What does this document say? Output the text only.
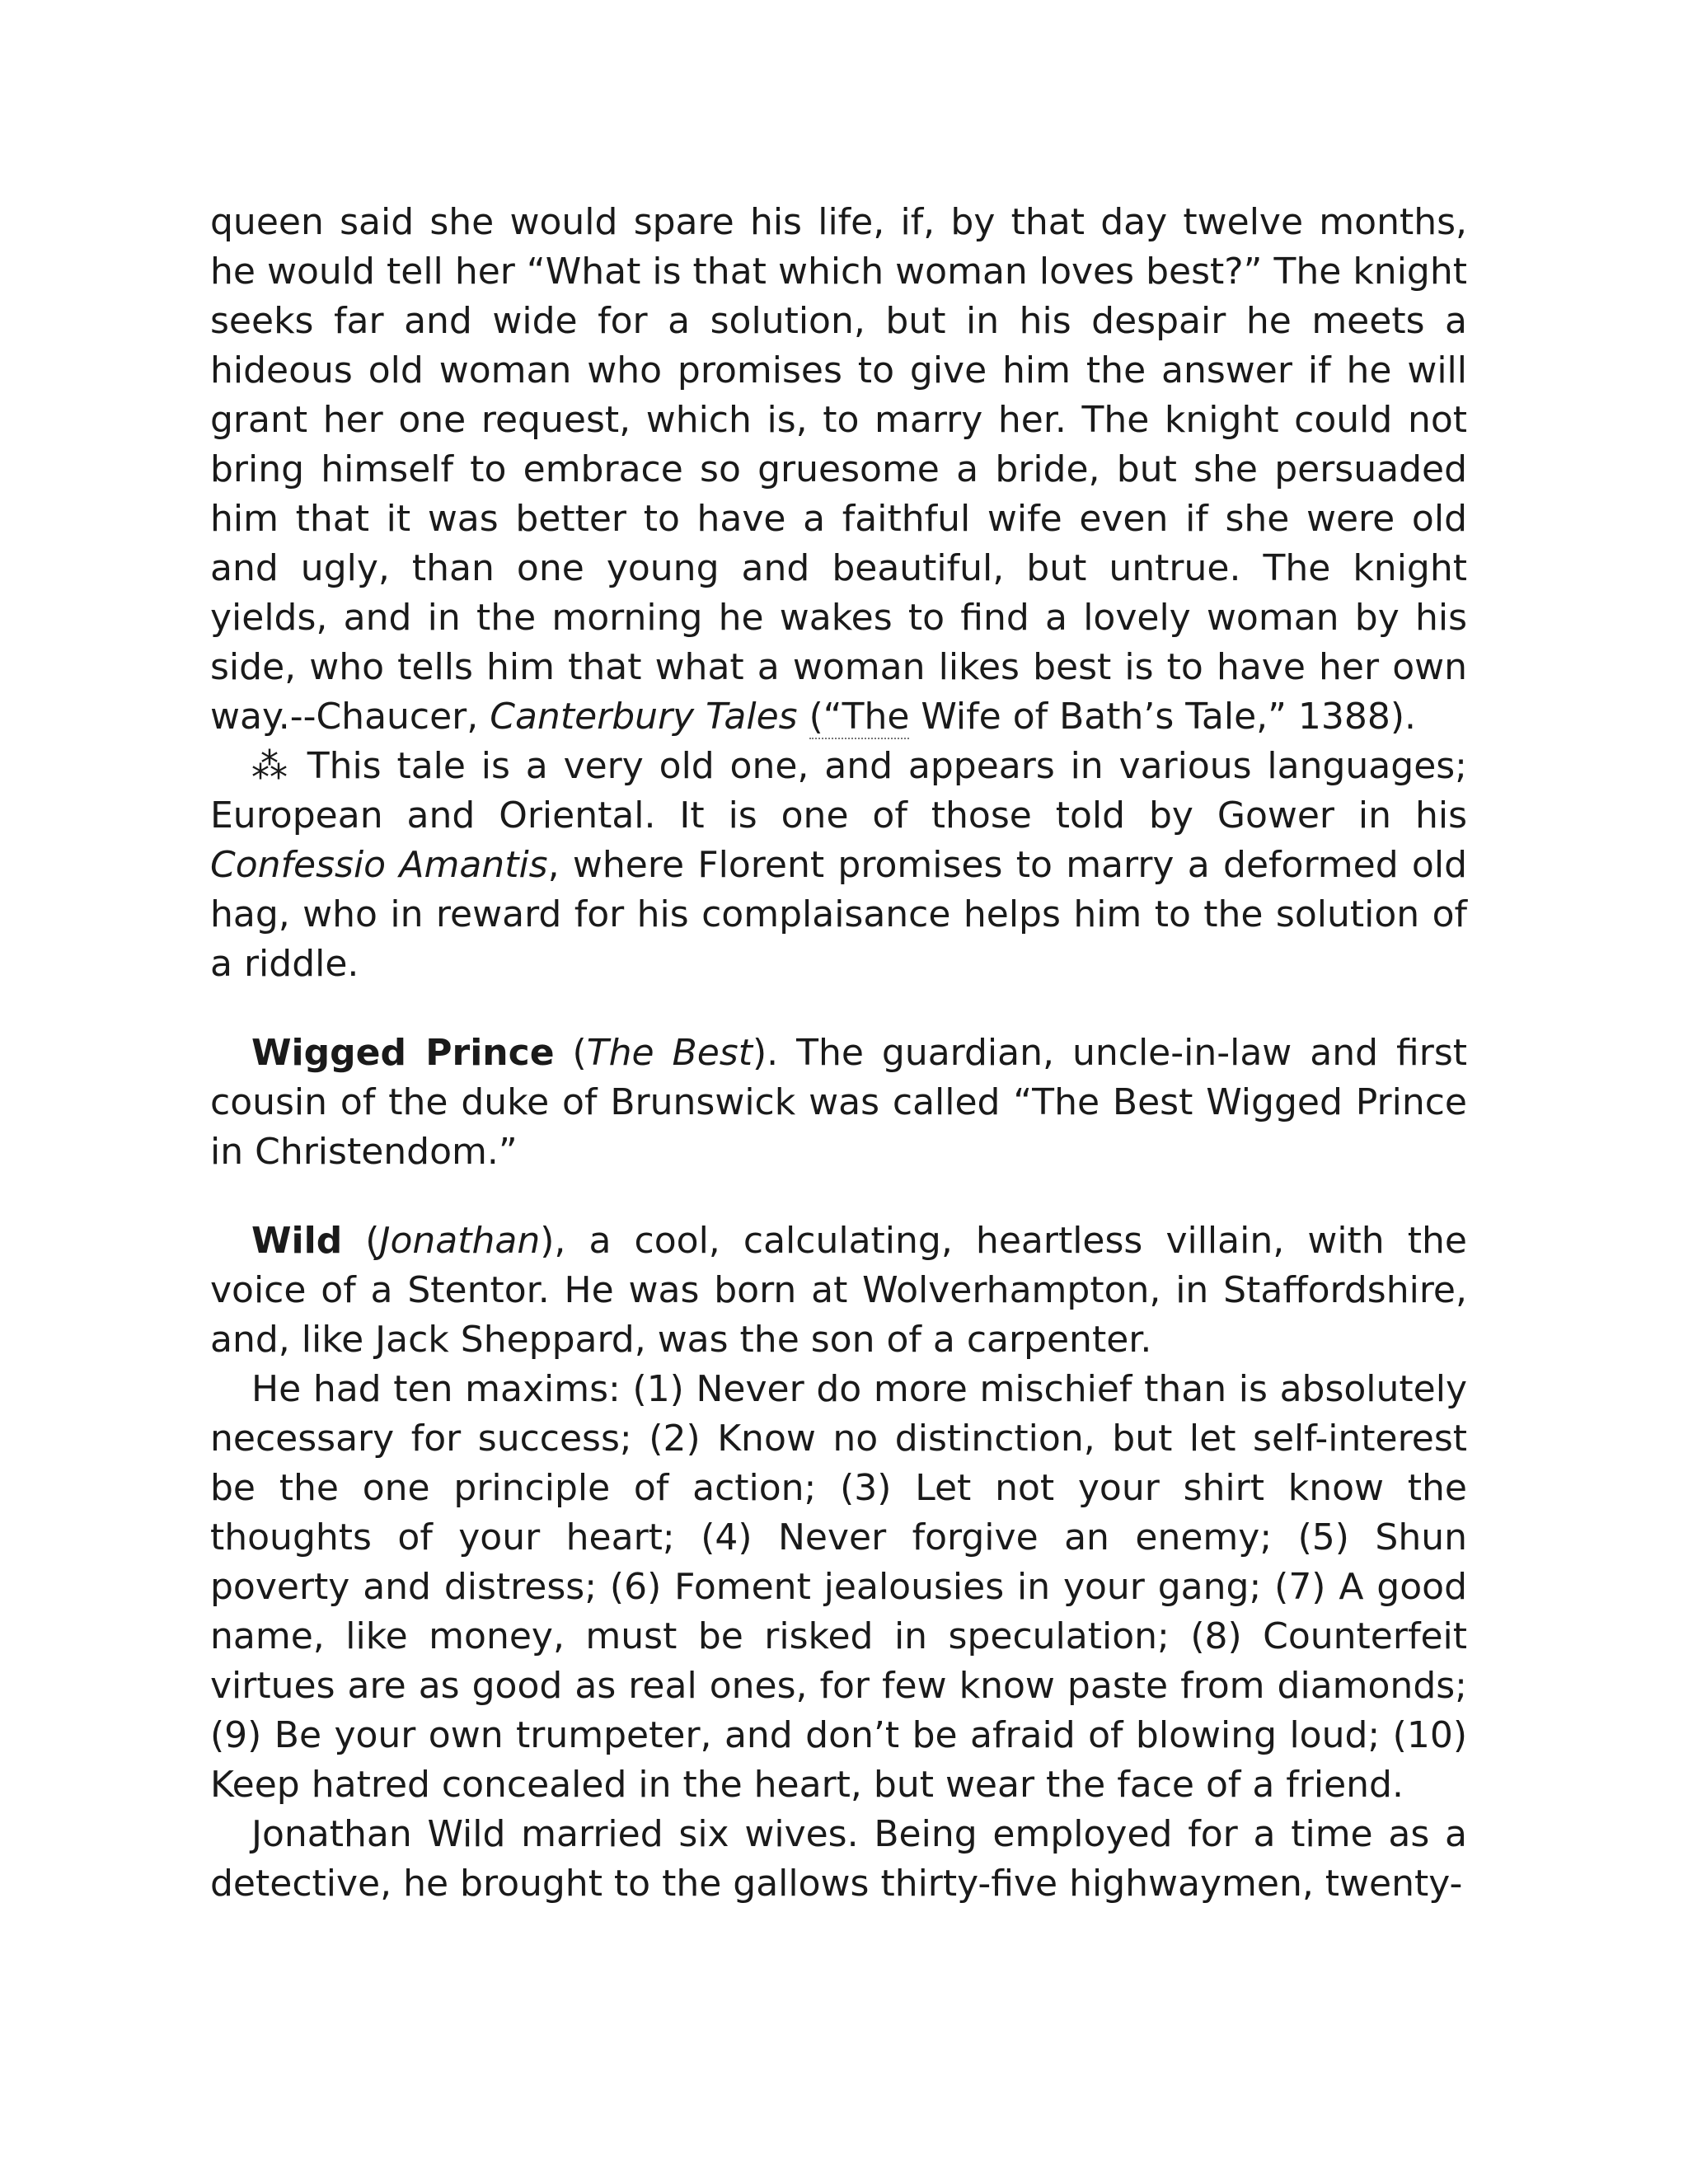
queen said she would spare his life, if, by that day twelve months, he would tell her “What is that which woman loves best?” The knight seeks far and wide for a solution, but in his despair he meets a hideous old woman who promises to give him the answer if he will grant her one request, which is, to marry her. The knight could not bring himself to embrace so gruesome a bride, but she persuaded him that it was better to have a faithful wife even if she were old and ugly, than one young and beautiful, but untrue. The knight yields, and in the morning he wakes to find a lovely woman by his side, who tells him that what a woman likes best is to have her own way.--Chaucer, Canterbury Tales (“The Wife of Bath’s Tale,” 1388).

⁂ This tale is a very old one, and appears in various languages; European and Oriental. It is one of those told by Gower in his Confessio Amantis, where Florent promises to marry a deformed old hag, who in reward for his complaisance helps him to the solution of a riddle.

Wigged Prince (The Best). The guardian, uncle-in-law and first cousin of the duke of Brunswick was called “The Best Wigged Prince in Christendom.”

Wild (Jonathan), a cool, calculating, heartless villain, with the voice of a Stentor. He was born at Wolverhampton, in Staffordshire, and, like Jack Sheppard, was the son of a carpenter.

He had ten maxims: (1) Never do more mischief than is absolutely necessary for success; (2) Know no distinction, but let self-interest be the one principle of action; (3) Let not your shirt know the thoughts of your heart; (4) Never forgive an enemy; (5) Shun poverty and distress; (6) Foment jealousies in your gang; (7) A good name, like money, must be risked in speculation; (8) Counterfeit virtues are as good as real ones, for few know paste from diamonds; (9) Be your own trumpeter, and don’t be afraid of blowing loud; (10) Keep hatred concealed in the heart, but wear the face of a friend.

Jonathan Wild married six wives. Being employed for a time as a detective, he brought to the gallows thirty-five highwaymen, twenty-
